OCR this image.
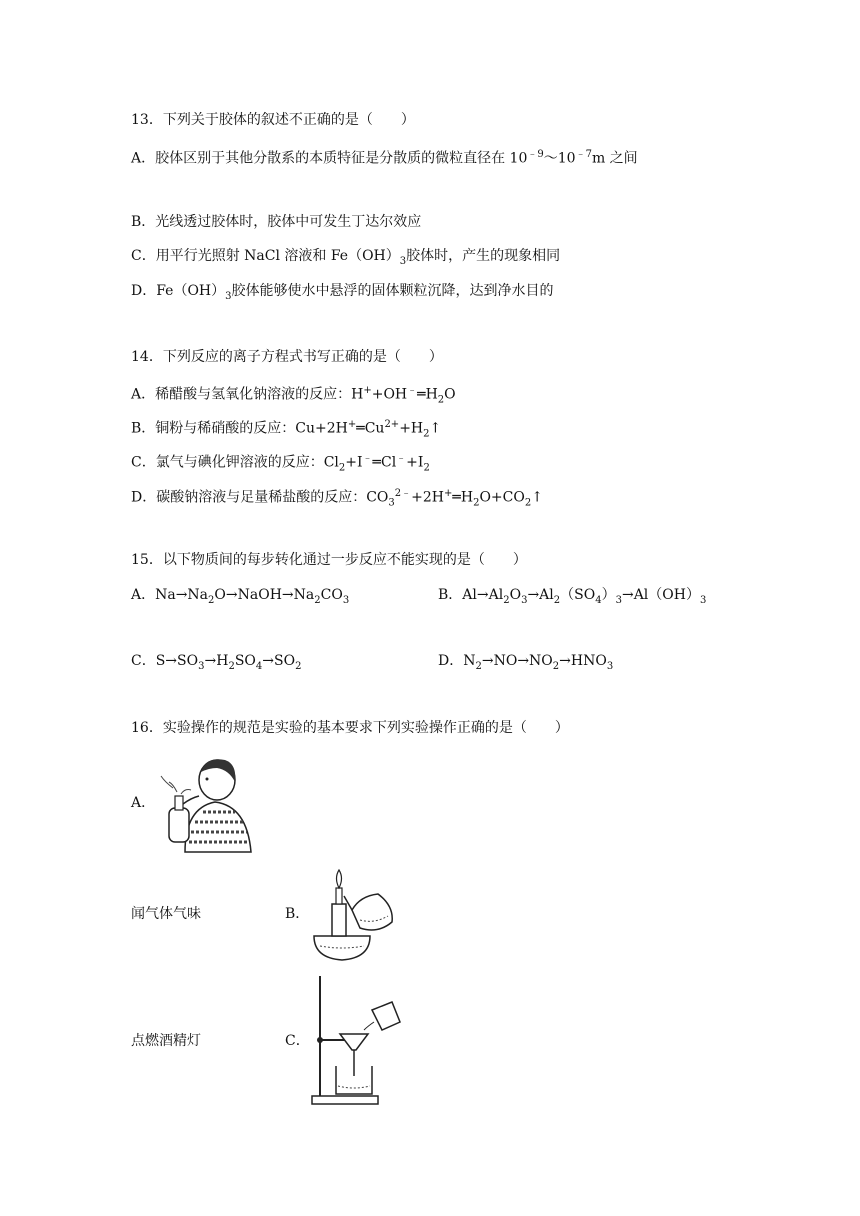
13．下列关于胶体的叙述不正确的是（　　）
A．胶体区别于其他分散系的本质特征是分散质的微粒直径在 $10^{﹣9}\sim 10^{﹣7}m$ 之间
B．光线透过胶体时，胶体中可发生丁达尔效应
C．用平行光照射 NaCl 溶液和 $Fe(OH)_3$胶体时，产生的现象相同
D．$Fe(OH)_3$胶体能够使水中悬浮的固体颗粒沉降，达到净水目的
14．下列反应的离子方程式书写正确的是（　　）
A．稀醋酸与氢氧化钠溶液的反应：$H^++OH^﹣═H_2O$
B．铜粉与稀硝酸的反应：$Cu+2H^+═Cu^{2+}+H_2↑$
C．氯气与碘化钾溶液的反应：$Cl_2+I^﹣═Cl^﹣+I_2$
D．碳酸钠溶液与足量稀盐酸的反应：$CO_3^{2﹣}+2H^+═H_2O+CO_2↑$
15．以下物质间的每步转化通过一步反应不能实现的是（　　）
A．$Na\to Na_2O\to NaOH\to Na_2CO_3$	B．$Al\to Al_2O_3\to Al_2(SO_4)_3\to Al(OH)_3$
C．$S\to SO_3\to H_2SO_4\to SO_2$	D．$N_2\to NO\to NO_2\to HNO_3$
16．实验操作的规范是实验的基本要求下列实验操作正确的是（　　）
A．
闻气体气味	B．
点燃酒精灯	C．
